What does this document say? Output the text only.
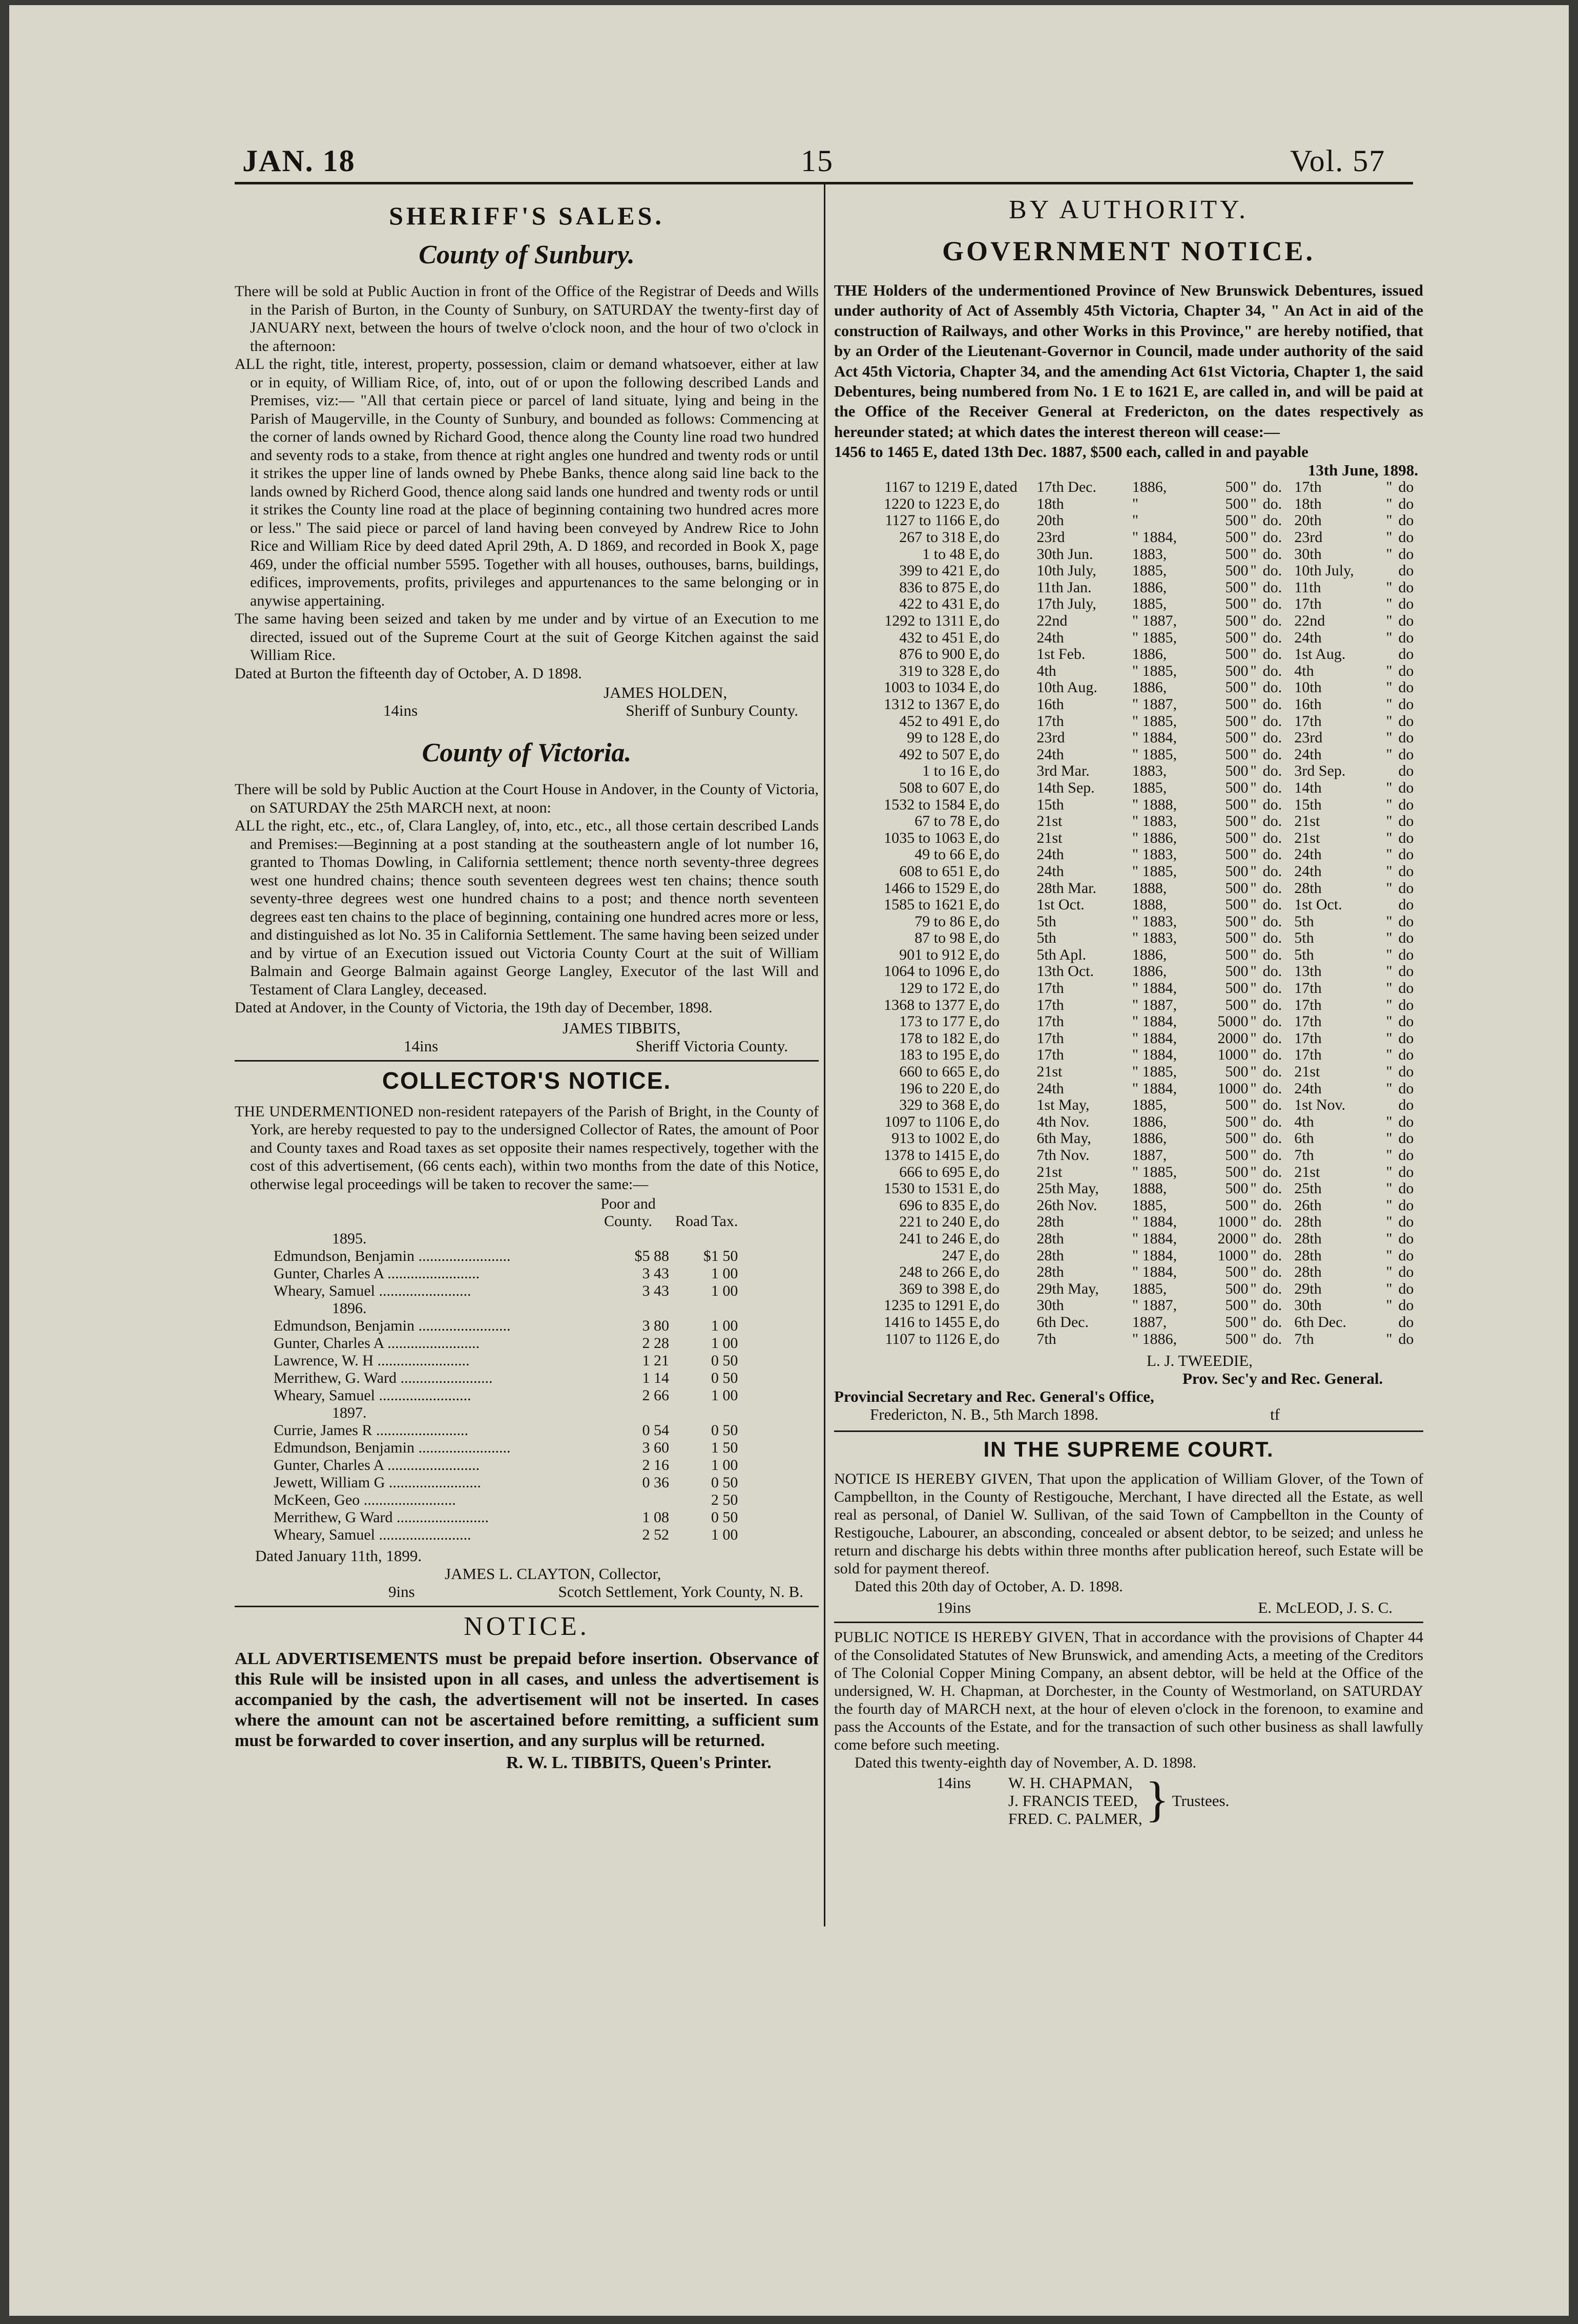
JAN. 18	15	Vol. 57
SHERIFF'S SALES.
County of Sunbury.

There will be sold at Public Auction in front of the Office of the Registrar of Deeds and Wills in the Parish of Burton, in the County of Sunbury, on SATURDAY the twenty-first day of JANUARY next, between the hours of twelve o'clock noon, and the hour of two o'clock in the afternoon:

ALL the right, title, interest, property, possession, claim or demand whatsoever, either at law or in equity, of William Rice, of, into, out of or upon the following described Lands and Premises, viz:— "All that certain piece or parcel of land situate, lying and being in the Parish of Maugerville, in the County of Sunbury, and bounded as follows: Commencing at the corner of lands owned by Richard Good, thence along the County line road two hundred and seventy rods to a stake, from thence at right angles one hundred and twenty rods or until it strikes the upper line of lands owned by Phebe Banks, thence along said line back to the lands owned by Richerd Good, thence along said lands one hundred and twenty rods or until it strikes the County line road at the place of beginning containing two hundred acres more or less." The said piece or parcel of land having been conveyed by Andrew Rice to John Rice and William Rice by deed dated April 29th, A. D 1869, and recorded in Book X, page 469, under the official number 5595. Together with all houses, outhouses, barns, buildings, edifices, improvements, profits, privileges and appurtenances to the same belonging or in anywise appertaining.

The same having been seized and taken by me under and by virtue of an Execution to me directed, issued out of the Supreme Court at the suit of George Kitchen against the said William Rice.

Dated at Burton the fifteenth day of October, A. D 1898.

JAMES HOLDEN,
14ins	Sheriff of Sunbury County.
County of Victoria.

There will be sold by Public Auction at the Court House in Andover, in the County of Victoria, on SATURDAY the 25th MARCH next, at noon:

ALL the right, etc., etc., of, Clara Langley, of, into, etc., etc., all those certain described Lands and Premises:—Beginning at a post standing at the southeastern angle of lot number 16, granted to Thomas Dowling, in California settlement; thence north seventy-three degrees west one hundred chains; thence south seventeen degrees west ten chains; thence south seventy-three degrees west one hundred chains to a post; and thence north seventeen degrees east ten chains to the place of beginning, containing one hundred acres more or less, and distinguished as lot No. 35 in California Settlement. The same having been seized under and by virtue of an Execution issued out Victoria County Court at the suit of William Balmain and George Balmain against George Langley, Executor of the last Will and Testament of Clara Langley, deceased.

Dated at Andover, in the County of Victoria, the 19th day of December, 1898.

JAMES TIBBITS,
14ins	Sheriff Victoria County.
COLLECTOR'S NOTICE.

THE UNDERMENTIONED non-resident ratepayers of the Parish of Bright, in the County of York, are hereby requested to pay to the undersigned Collector of Rates, the amount of Poor and County taxes and Road taxes as set opposite their names respectively, together with the cost of this advertisement, (66 cents each), within two months from the date of this Notice, otherwise legal proceedings will be taken to recover the same:—

	Poor and County.	Road Tax.
1895.		
Edmundson, Benjamin ........................	$5 88	$1 50
Gunter, Charles A ........................	3 43	1 00
Wheary, Samuel ........................	3 43	1 00
1896.		
Edmundson, Benjamin ........................	3 80	1 00
Gunter, Charles A ........................	2 28	1 00
Lawrence, W. H ........................	1 21	0 50
Merrithew, G. Ward ........................	1 14	0 50
Wheary, Samuel ........................	2 66	1 00
1897.		
Currie, James R ........................	0 54	0 50
Edmundson, Benjamin ........................	3 60	1 50
Gunter, Charles A ........................	2 16	1 00
Jewett, William G ........................	0 36	0 50
McKeen, Geo ........................		2 50
Merrithew, G Ward ........................	1 08	0 50
Wheary, Samuel ........................	2 52	1 00
Dated January 11th, 1899.
JAMES L. CLAYTON, Collector,
9ins	Scotch Settlement, York County, N. B.
NOTICE.
ALL ADVERTISEMENTS must be prepaid before insertion. Observance of this Rule will be insisted upon in all cases, and unless the advertisement is accompanied by the cash, the advertisement will not be inserted. In cases where the amount can not be ascertained before remitting, a sufficient sum must be forwarded to cover insertion, and any surplus will be returned.
R. W. L. TIBBITS, Queen's Printer.
BY AUTHORITY.
GOVERNMENT NOTICE.
THE Holders of the undermentioned Province of New Brunswick Debentures, issued under authority of Act of Assembly 45th Victoria, Chapter 34, " An Act in aid of the construction of Railways, and other Works in this Province," are hereby notified, that by an Order of the Lieutenant-Governor in Council, made under authority of the said Act 45th Victoria, Chapter 34, and the amending Act 61st Victoria, Chapter 1, the said Debentures, being numbered from No. 1 E to 1621 E, are called in, and will be paid at the Office of the Receiver General at Fredericton, on the dates respectively as hereunder stated; at which dates the interest thereon will cease:—
1456 to 1465 E, dated 13th Dec. 1887, $500 each, called in and payable
13th June, 1898.
1167 to 1219 E,	dated	17th Dec.	1886,	500	"	do.	17th	"	do
1220 to 1223 E,	do	18th	"	500	"	do.	18th	"	do
1127 to 1166 E,	do	20th	"	500	"	do.	20th	"	do
267 to 318 E,	do	23rd	" 1884,	500	"	do.	23rd	"	do
1 to 48 E,	do	30th Jun.	1883,	500	"	do.	30th	"	do
399 to 421 E,	do	10th July,	1885,	500	"	do.	10th July,		do
836 to 875 E,	do	11th Jan.	1886,	500	"	do.	11th	"	do
422 to 431 E,	do	17th July,	1885,	500	"	do.	17th	"	do
1292 to 1311 E,	do	22nd	" 1887,	500	"	do.	22nd	"	do
432 to 451 E,	do	24th	" 1885,	500	"	do.	24th	"	do
876 to 900 E,	do	1st Feb.	1886,	500	"	do.	1st Aug.		do
319 to 328 E,	do	4th	" 1885,	500	"	do.	4th	"	do
1003 to 1034 E,	do	10th Aug.	1886,	500	"	do.	10th	"	do
1312 to 1367 E,	do	16th	" 1887,	500	"	do.	16th	"	do
452 to 491 E,	do	17th	" 1885,	500	"	do.	17th	"	do
99 to 128 E,	do	23rd	" 1884,	500	"	do.	23rd	"	do
492 to 507 E,	do	24th	" 1885,	500	"	do.	24th	"	do
1 to 16 E,	do	3rd Mar.	1883,	500	"	do.	3rd Sep.		do
508 to 607 E,	do	14th Sep.	1885,	500	"	do.	14th	"	do
1532 to 1584 E,	do	15th	" 1888,	500	"	do.	15th	"	do
67 to 78 E,	do	21st	" 1883,	500	"	do.	21st	"	do
1035 to 1063 E,	do	21st	" 1886,	500	"	do.	21st	"	do
49 to 66 E,	do	24th	" 1883,	500	"	do.	24th	"	do
608 to 651 E,	do	24th	" 1885,	500	"	do.	24th	"	do
1466 to 1529 E,	do	28th Mar.	1888,	500	"	do.	28th	"	do
1585 to 1621 E,	do	1st Oct.	1888,	500	"	do.	1st Oct.		do
79 to 86 E,	do	5th	" 1883,	500	"	do.	5th	"	do
87 to 98 E,	do	5th	" 1883,	500	"	do.	5th	"	do
901 to 912 E,	do	5th Apl.	1886,	500	"	do.	5th	"	do
1064 to 1096 E,	do	13th Oct.	1886,	500	"	do.	13th	"	do
129 to 172 E,	do	17th	" 1884,	500	"	do.	17th	"	do
1368 to 1377 E,	do	17th	" 1887,	500	"	do.	17th	"	do
173 to 177 E,	do	17th	" 1884,	5000	"	do.	17th	"	do
178 to 182 E,	do	17th	" 1884,	2000	"	do.	17th	"	do
183 to 195 E,	do	17th	" 1884,	1000	"	do.	17th	"	do
660 to 665 E,	do	21st	" 1885,	500	"	do.	21st	"	do
196 to 220 E,	do	24th	" 1884,	1000	"	do.	24th	"	do
329 to 368 E,	do	1st May,	1885,	500	"	do.	1st Nov.		do
1097 to 1106 E,	do	4th Nov.	1886,	500	"	do.	4th	"	do
913 to 1002 E,	do	6th May,	1886,	500	"	do.	6th	"	do
1378 to 1415 E,	do	7th Nov.	1887,	500	"	do.	7th	"	do
666 to 695 E,	do	21st	" 1885,	500	"	do.	21st	"	do
1530 to 1531 E,	do	25th May,	1888,	500	"	do.	25th	"	do
696 to 835 E,	do	26th Nov.	1885,	500	"	do.	26th	"	do
221 to 240 E,	do	28th	" 1884,	1000	"	do.	28th	"	do
241 to 246 E,	do	28th	" 1884,	2000	"	do.	28th	"	do
247 E,	do	28th	" 1884,	1000	"	do.	28th	"	do
248 to 266 E,	do	28th	" 1884,	500	"	do.	28th	"	do
369 to 398 E,	do	29th May,	1885,	500	"	do.	29th	"	do
1235 to 1291 E,	do	30th	" 1887,	500	"	do.	30th	"	do
1416 to 1455 E,	do	6th Dec.	1887,	500	"	do.	6th Dec.		do
1107 to 1126 E,	do	7th	" 1886,	500	"	do.	7th	"	do
L. J. TWEEDIE,
Prov. Sec'y and Rec. General.
Provincial Secretary and Rec. General's Office,
Fredericton, N. B., 5th March 1898.	tf
IN THE SUPREME COURT.

NOTICE IS HEREBY GIVEN, That upon the application of William Glover, of the Town of Campbellton, in the County of Restigouche, Merchant, I have directed all the Estate, as well real as personal, of Daniel W. Sullivan, of the said Town of Campbellton in the County of Restigouche, Labourer, an absconding, concealed or absent debtor, to be seized; and unless he return and discharge his debts within three months after publication hereof, such Estate will be sold for payment thereof.

Dated this 20th day of October, A. D. 1898.

19ins	E. McLEOD, J. S. C.

PUBLIC NOTICE IS HEREBY GIVEN, That in accordance with the provisions of Chapter 44 of the Consolidated Statutes of New Brunswick, and amending Acts, a meeting of the Creditors of The Colonial Copper Mining Company, an absent debtor, will be held at the Office of the undersigned, W. H. Chapman, at Dorchester, in the County of Westmorland, on SATURDAY the fourth day of MARCH next, at the hour of eleven o'clock in the forenoon, to examine and pass the Accounts of the Estate, and for the transaction of such other business as shall lawfully come before such meeting.

Dated this twenty-eighth day of November, A. D. 1898.

14ins	W. H. CHAPMAN,
J. FRANCIS TEED,
FRED. C. PALMER, } Trustees.
